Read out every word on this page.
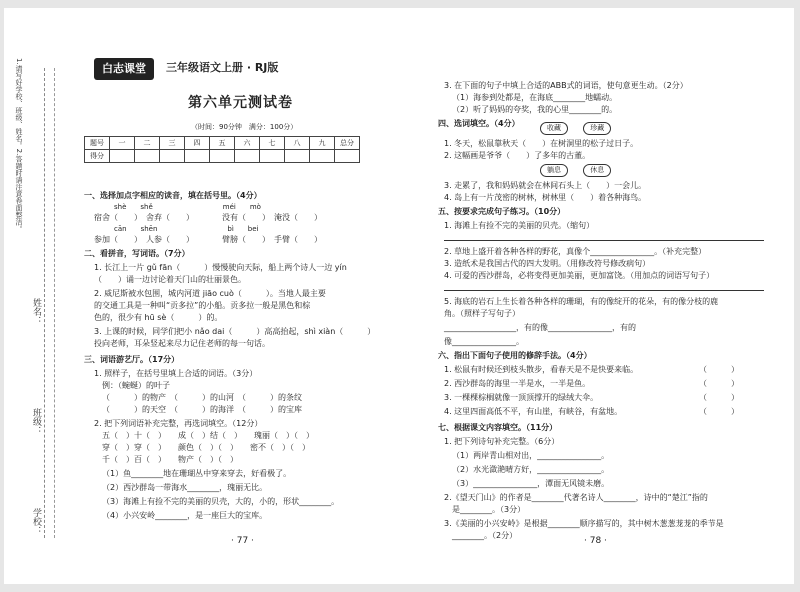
1.请写好学校、班级、姓名。2.答题时请注意卷面整洁。
姓名：
班级：
学校：
白志课堂	三年级语文上册 · RJ版
第六单元测试卷
（时间：90分钟　满分：100分）
题号	一	二	三	四	五	六	七	八	九	总分
得分										
一、选择加点字相应的读音，填在括号里。（4分）
shè　　shě　　　　　　　　　　méi　　mò
宿舍（　　）　舍弃（　　）　　　　没有（　　）　淹没（　　）
cān　　shēn　　　　　　　　　　bì　　bei
参加（　　）　人参（　　）　　　　臂膀（　　）　手臂（　　）
二、看拼音，写词语。（7分）
1. 长江上一片 gǔ fān（　　　）慢慢驶向天际，船上两个诗人一边 yín
（　　）诵一边讨论着天门山的壮丽景色。
2. 威尼斯被水包围，城内河道 jiāo cuò（　　　）。当地人最主要
的交通工具是一种叫“贡多拉”的小船。贡多拉一般是黑色和棕
色的，很少有 hū sè（　　　）的。
3. 上课的时候，同学们把小 nǎo dai（　　　）高高抬起，shì xiàn（　　　）
投向老师，耳朵竖起来尽力记住老师的每一句话。
三、词语游艺厅。（17分）
1. 照样子，在括号里填上合适的词语。（3分）
例：（蜿蜒）的叶子
（　　　）的物产　（　　　）的山河　（　　　）的条纹
（　　　）的天空　（　　　）的海洋　（　　　）的宝库
2. 把下列词语补充完整，再选词填空。（12分）
五（　）十（　）　　成（　）结（　）　　瑰丽（　）（　）
穿（　）穿（　）　　颜色（　）（　）　　密不（　）（　）
千（　）百（　）　　物产（　）（　）
（1）鱼________地在珊瑚丛中穿来穿去，好看极了。
（2）西沙群岛一带海水________，瑰丽无比。
（3）海滩上有捡不完的美丽的贝壳，大的，小的，形状________。
（4）小兴安岭________，是一座巨大的宝库。
· 77 ·
3. 在下面的句子中填上合适的ABB式的词语，使句意更生动。（2分）
（1）海参到处都是，在海底________地蠕动。
（2）听了妈妈的夸奖，我的心里________的。
四、选词填空。（4分）	收藏	珍藏
1. 冬天，松鼠靠秋天（　　）在树洞里的松子过日子。
2. 这幅画是爷爷（　　）了多年的古董。
躺息	休息
3. 走累了，我和妈妈就会在林间石头上（　　）一会儿。
4. 岛上有一片茂密的树林，树林里（　　）着各种海鸟。
五、按要求完成句子练习。（10分）
1. 海滩上有捡不完的美丽的贝壳。（缩句）
2. 草地上盛开着各种各样的野花，真像个________________。（补充完整）
3. 造纸术是我国古代的四大发明。（用修改符号修改病句）
4. 可爱的西沙群岛，必将变得更加美丽，更加富饶。（用加点的词语写句子）
5. 海底的岩石上生长着各种各样的珊瑚，有的像绽开的花朵，有的像分枝的鹿
角。（照样子写句子）
__________________，有的像________________，有的
像________________。
六、指出下面句子使用的修辞手法。（4分）
1. 松鼠有时候还到枝头散步，看春天是不是快要来临。
2. 西沙群岛的海里一半是水，一半是鱼。
3. 一棵棵棕榈就像一顶顶撑开的绿绒大伞。
4. 这里四面高低不平，有山崖，有峡谷，有盆地。
（　　　）
（　　　）
（　　　）
（　　　）
七、根据课文内容填空。（11分）
1. 把下列诗句补充完整。（6分）
（1）两岸青山相对出，________________。
（2）水光潋滟晴方好，________________。
（3）________________，潭面无风镜未磨。
2.《望天门山》的作者是________代著名诗人________，诗中的“楚江”指的
是________。（3分）
3.《美丽的小兴安岭》是根据________顺序描写的，其中树木葱葱茏茏的季节是
________。（2分）
· 78 ·
